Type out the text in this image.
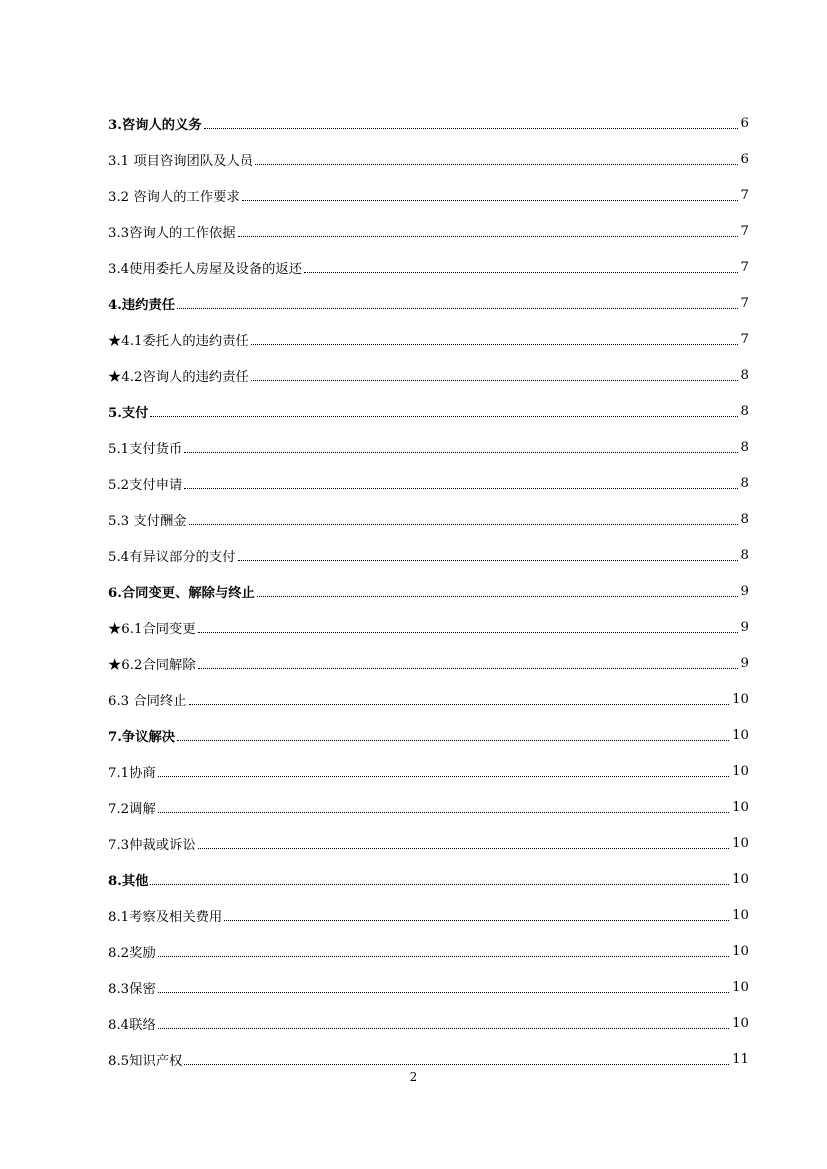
3.咨询人的义务	6
3.1 项目咨询团队及人员	6
3.2 咨询人的工作要求	7
3.3咨询人的工作依据	7
3.4使用委托人房屋及设备的返还	7
4.违约责任	7
★4.1委托人的违约责任	7
★4.2咨询人的违约责任	8
5.支付	8
5.1支付货币	8
5.2支付申请	8
5.3 支付酬金	8
5.4有异议部分的支付	8
6.合同变更、解除与终止	9
★6.1合同变更	9
★6.2合同解除	9
6.3 合同终止	10
7.争议解决	10
7.1协商	10
7.2调解	10
7.3仲裁或诉讼	10
8.其他	10
8.1考察及相关费用	10
8.2奖励	10
8.3保密	10
8.4联络	10
8.5知识产权	11
2
